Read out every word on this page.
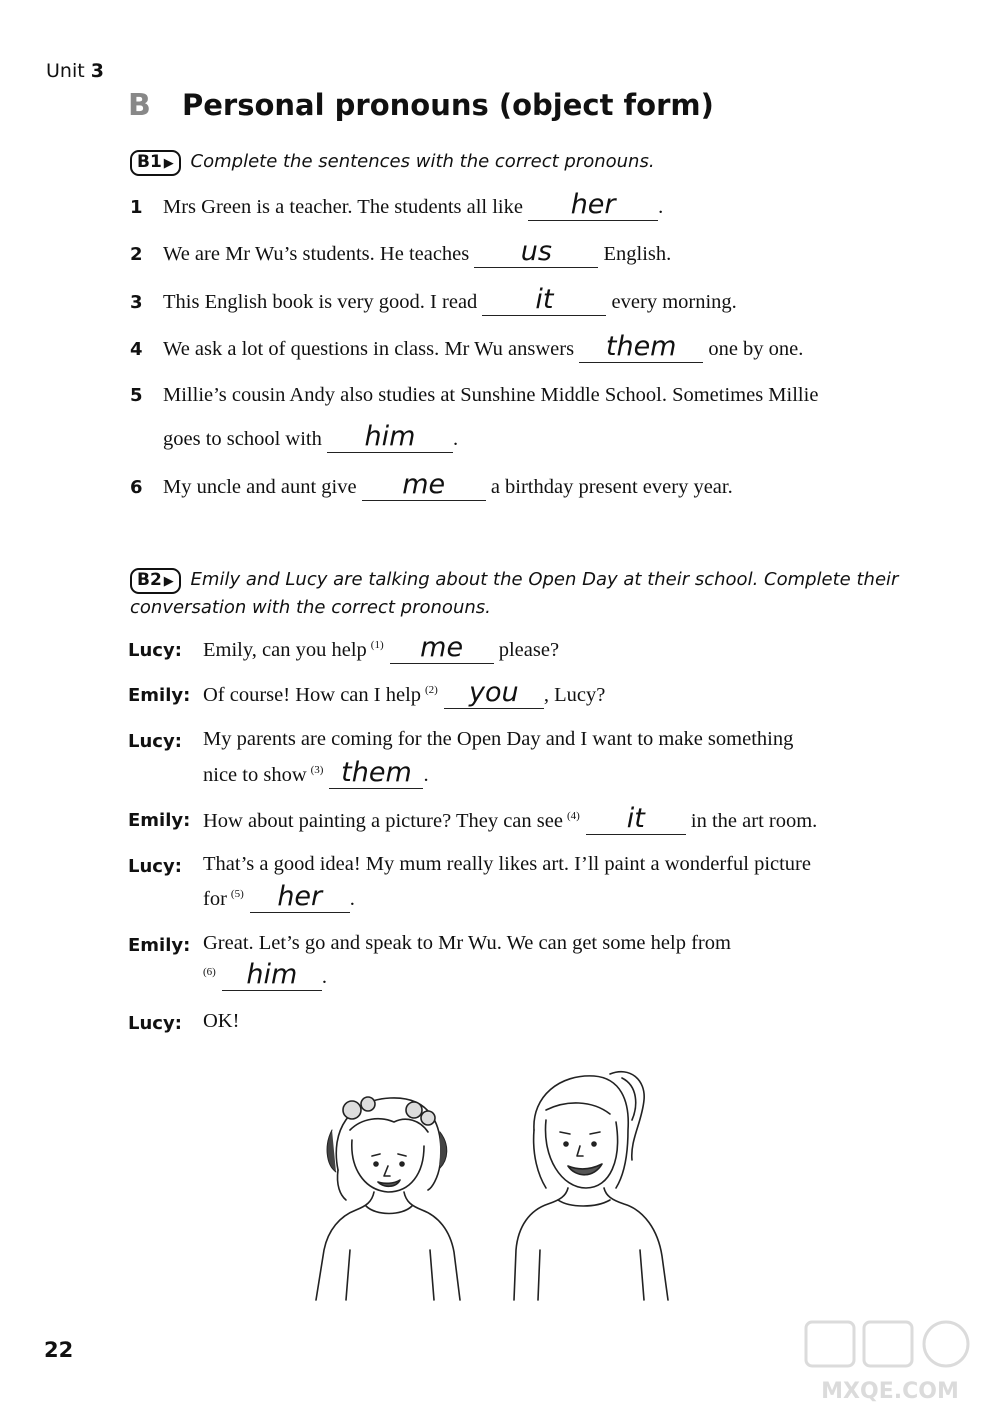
Unit 3
B Personal pronouns (object form)
B1 ▶ Complete the sentences with the correct pronouns.
1 Mrs Green is a teacher. The students all like her .
2 We are Mr Wu’s students. He teaches us	English.
3 This English book is very good. I read it	every morning.
4 We ask a lot of questions in class. Mr Wu answers them one by one.
5 Millie’s cousin Andy also studies at Sunshine Middle School. Sometimes Millie
goes to school with him .
6 My uncle and aunt give me a birthday present every year.
B2 ▶ Emily and Lucy are talking about the Open Day at their school. Complete their
conversation with the correct pronouns.
Lucy: Emily, can you help $^{(1)}$ me please?
Emily: Of course! How can I help $^{(2)}$ you , Lucy?
Lucy: My parents are coming for the Open Day and I want to make something
nice to show $^{(3)}$ them .
Emily: How about painting a picture? They can see $^{(4)}$ it in the art room.
Lucy: That’s a good idea! My mum really likes art. I’ll paint a wonderful picture
for $^{(5)}$ her .
Emily: Great. Let’s go and speak to Mr Wu. We can get some help from
$^{(6)}$ him .
Lucy: OK!
22
MXQE.COM
